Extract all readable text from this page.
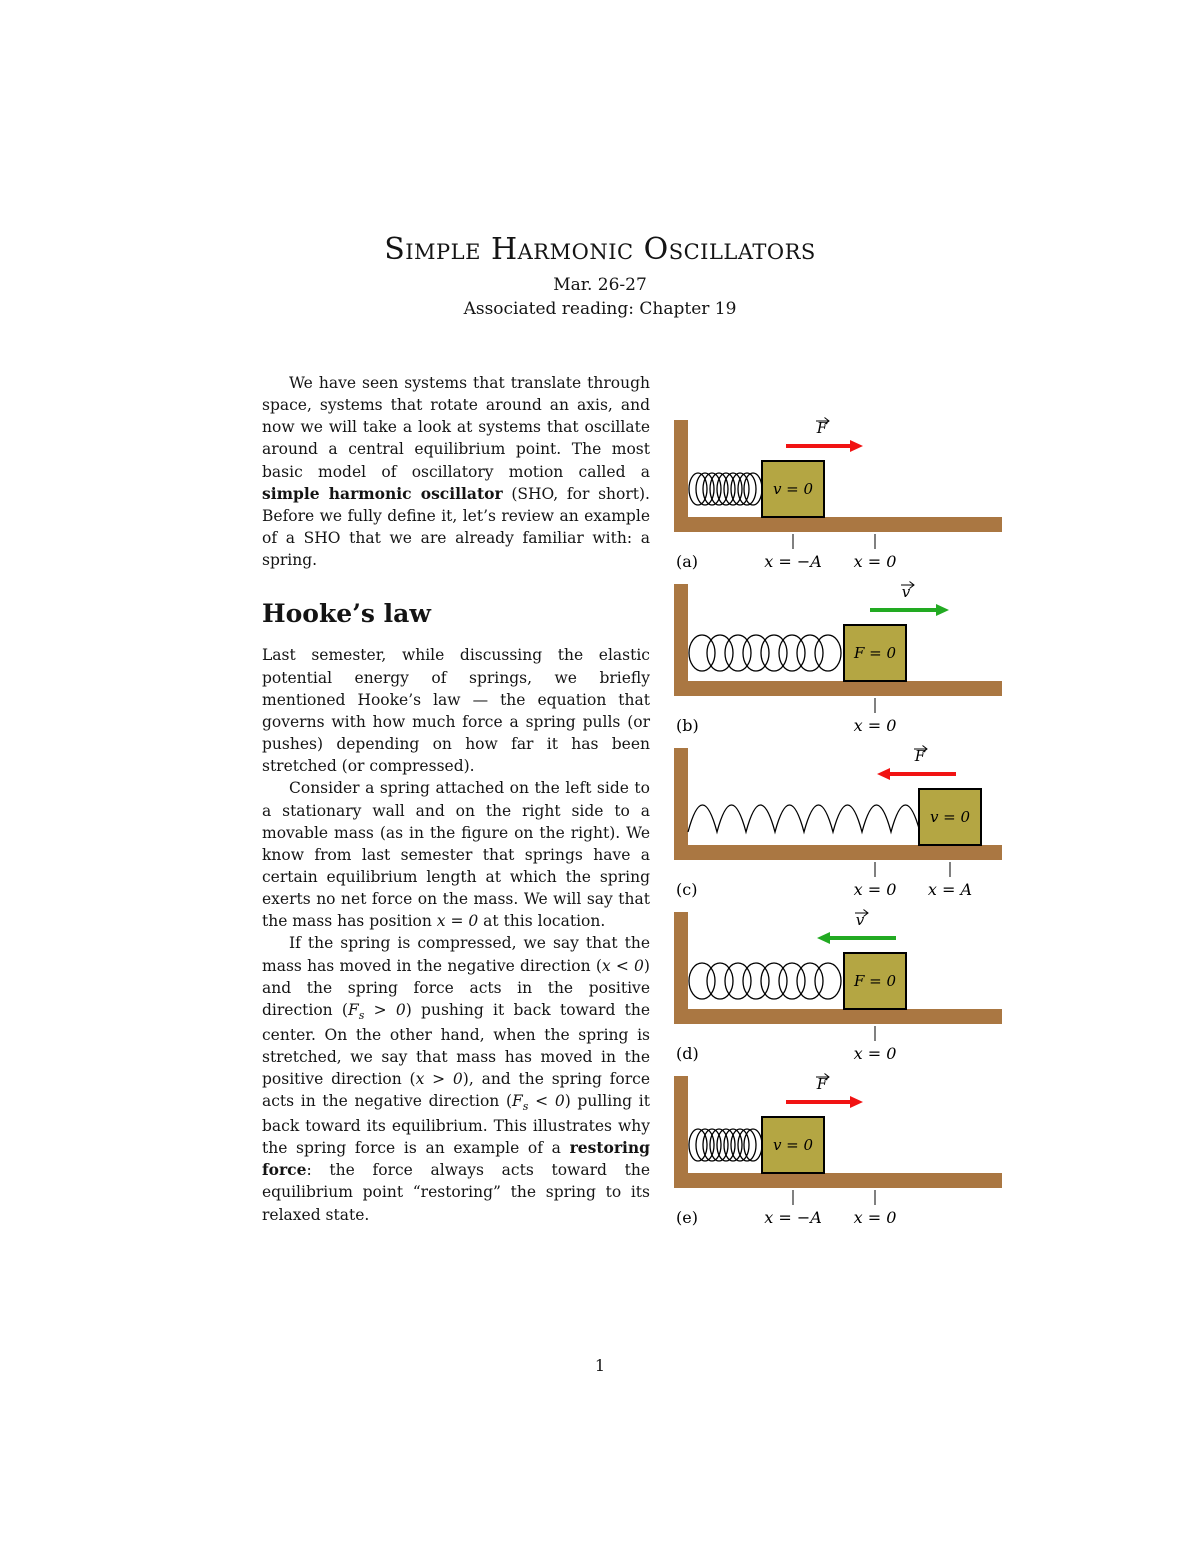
Simple Harmonic Oscillators
Mar. 26-27
Associated reading: Chapter 19

We have seen systems that translate through space, systems that rotate around an axis, and now we will take a look at systems that oscillate around a central equilibrium point. The most basic model of oscillatory motion called a simple harmonic oscillator (SHO, for short). Before we fully define it, let’s review an example of a SHO that we are already familiar with: a spring.

Hooke’s law

Last semester, while discussing the elastic potential energy of springs, we briefly mentioned Hooke’s law — the equation that governs with how much force a spring pulls (or pushes) depending on how far it has been stretched (or compressed).

Consider a spring attached on the left side to a stationary wall and on the right side to a movable mass (as in the figure on the right). We know from last semester that springs have a certain equilibrium length at which the spring exerts no net force on the mass. We will say that the mass has position x = 0 at this location.

If the spring is compressed, we say that the mass has moved in the negative direction (x < 0) and the spring force acts in the positive direction $(F_s > 0)$ pushing it back toward the center. On the other hand, when the spring is stretched, we say that mass has moved in the positive direction (x > 0), and the spring force acts in the negative direction $(F_s < 0)$ pulling it back toward its equilibrium. This illustrates why the spring force is an example of a restoring force: the force always acts toward the equilibrium point “restoring” the spring to its relaxed state.

v = 0
F
x = −A x = 0
(a)
F = 0
v
x = 0
(b)
v = 0
F
x = 0 x = A
(c)
F = 0
v
x = 0
(d)
v = 0
F
x = −A x = 0
(e)
1
